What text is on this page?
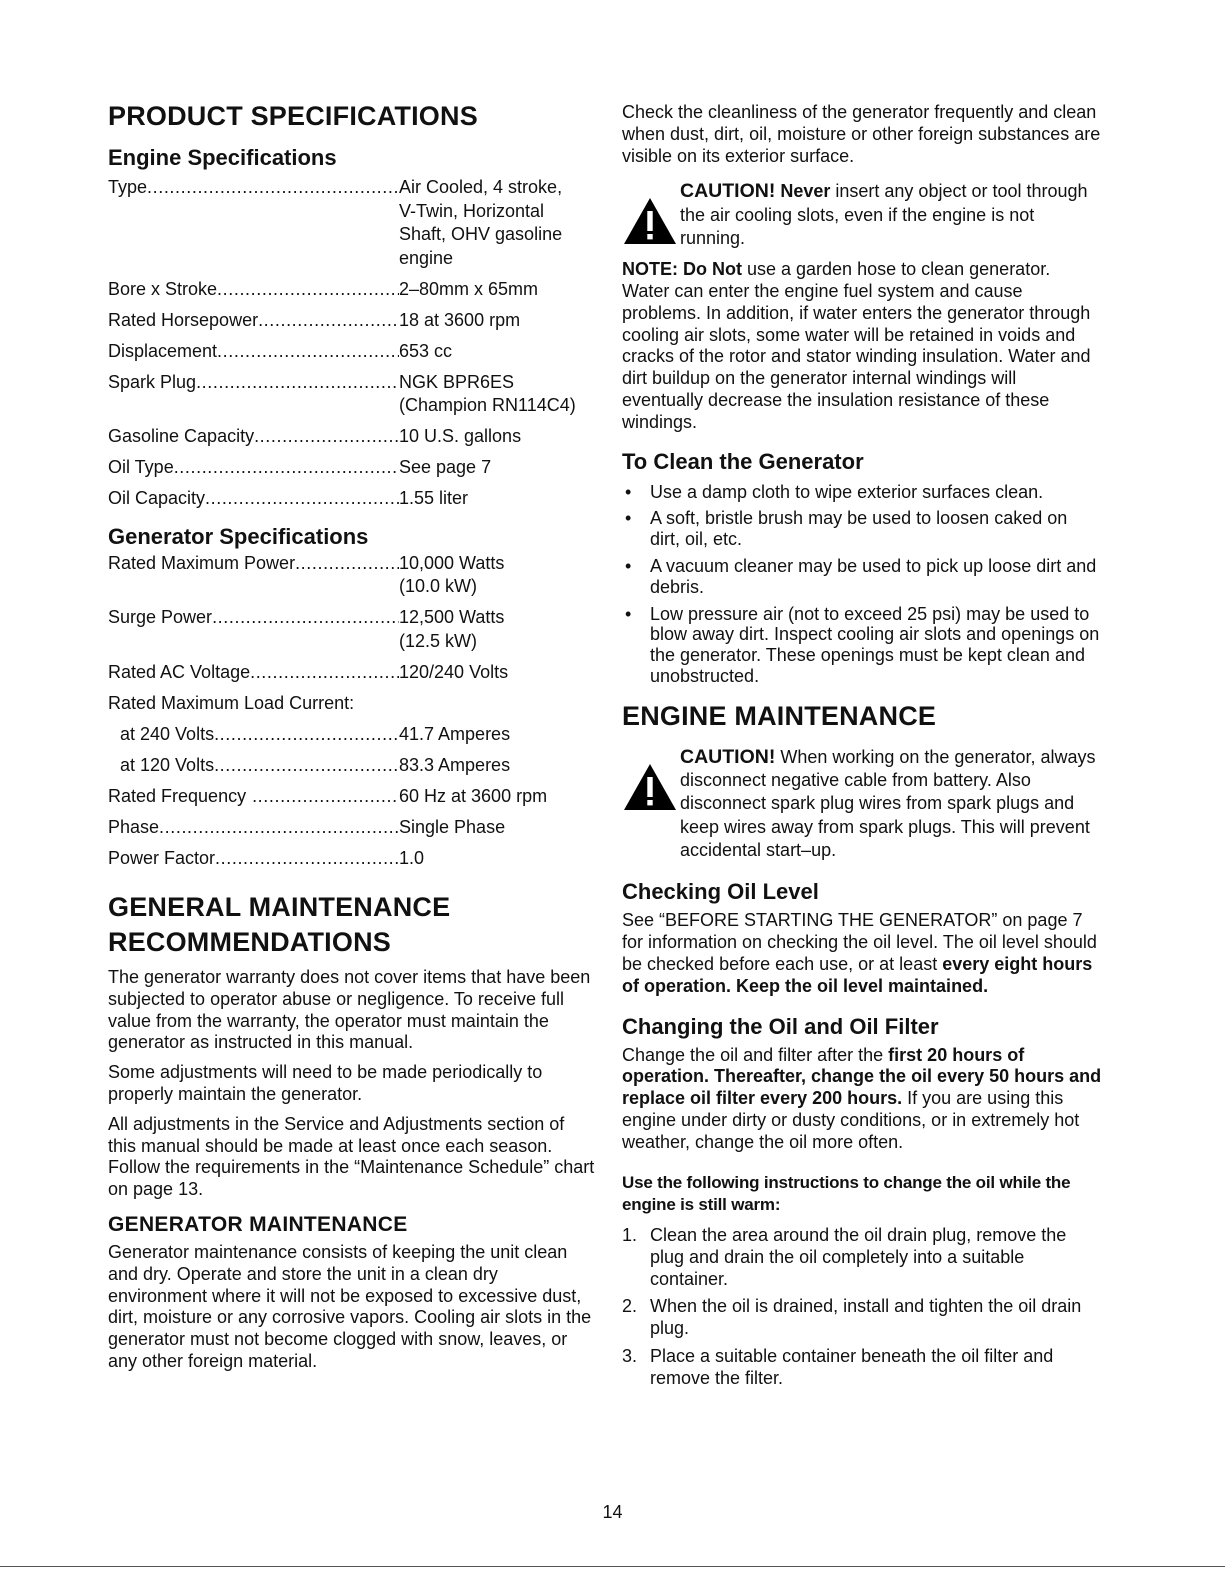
PRODUCT SPECIFICATIONS
Engine Specifications
Type .....	Air Cooled, 4 stroke,
V-Twin, Horizontal
Shaft, OHV gasoline
engine
Bore x Stroke .....	2–80mm x 65mm
Rated Horsepower .....	18 at 3600 rpm
Displacement .....	653 cc
Spark Plug .....	NGK BPR6ES
(Champion RN114C4)
Gasoline Capacity .....	10 U.S. gallons
Oil Type .....	See page 7
Oil Capacity .....	1.55 liter
Generator Specifications
Rated Maximum Power .....	10,000 Watts
(10.0 kW)
Surge Power .....	12,500 Watts
(12.5 kW)
Rated AC Voltage .....	120/240 Volts
Rated Maximum Load Current:
at 240 Volts .....	41.7 Amperes
at 120 Volts .....	83.3 Amperes
Rated Frequency .....	60 Hz at 3600 rpm
Phase .....	Single Phase
Power Factor .....	1.0
GENERAL MAINTENANCE
RECOMMENDATIONS

The generator warranty does not cover items that have been subjected to operator abuse or negligence. To receive full value from the warranty, the operator must maintain the generator as instructed in this manual.

Some adjustments will need to be made periodically to properly maintain the generator.

All adjustments in the Service and Adjustments section of this manual should be made at least once each season. Follow the requirements in the “Maintenance Schedule” chart on page 13.

GENERATOR MAINTENANCE

Generator maintenance consists of keeping the unit clean and dry. Operate and store the unit in a clean dry environment where it will not be exposed to excessive dust, dirt, moisture or any corrosive vapors. Cooling air slots in the generator must not become clogged with snow, leaves, or any other foreign material.

Check the cleanliness of the generator frequently and clean when dust, dirt, oil, moisture or other foreign substances are visible on its exterior surface.

CAUTION! Never insert any object or tool through the air cooling slots, even if the engine is not running.

NOTE: Do Not use a garden hose to clean generator. Water can enter the engine fuel system and cause problems. In addition, if water enters the generator through cooling air slots, some water will be retained in voids and cracks of the rotor and stator winding insulation. Water and dirt buildup on the generator internal windings will eventually decrease the insulation resistance of these windings.

To Clean the Generator
• Use a damp cloth to wipe exterior surfaces clean.
• A soft, bristle brush may be used to loosen caked on dirt, oil, etc.
• A vacuum cleaner may be used to pick up loose dirt and debris.
• Low pressure air (not to exceed 25 psi) may be used to blow away dirt. Inspect cooling air slots and openings on the generator. These openings must be kept clean and unobstructed.
ENGINE MAINTENANCE
CAUTION! When working on the generator, always disconnect negative cable from battery. Also disconnect spark plug wires from spark plugs and keep wires away from spark plugs. This will prevent accidental start–up.
Checking Oil Level

See “BEFORE STARTING THE GENERATOR” on page 7 for information on checking the oil level. The oil level should be checked before each use, or at least every eight hours of operation. Keep the oil level maintained.

Changing the Oil and Oil Filter

Change the oil and filter after the first 20 hours of operation. Thereafter, change the oil every 50 hours and replace oil filter every 200 hours. If you are using this engine under dirty or dusty conditions, or in extremely hot weather, change the oil more often.

Use the following instructions to change the oil while the engine is still warm:

1. Clean the area around the oil drain plug, remove the plug and drain the oil completely into a suitable container.
2. When the oil is drained, install and tighten the oil drain plug.
3. Place a suitable container beneath the oil filter and remove the filter.
14
